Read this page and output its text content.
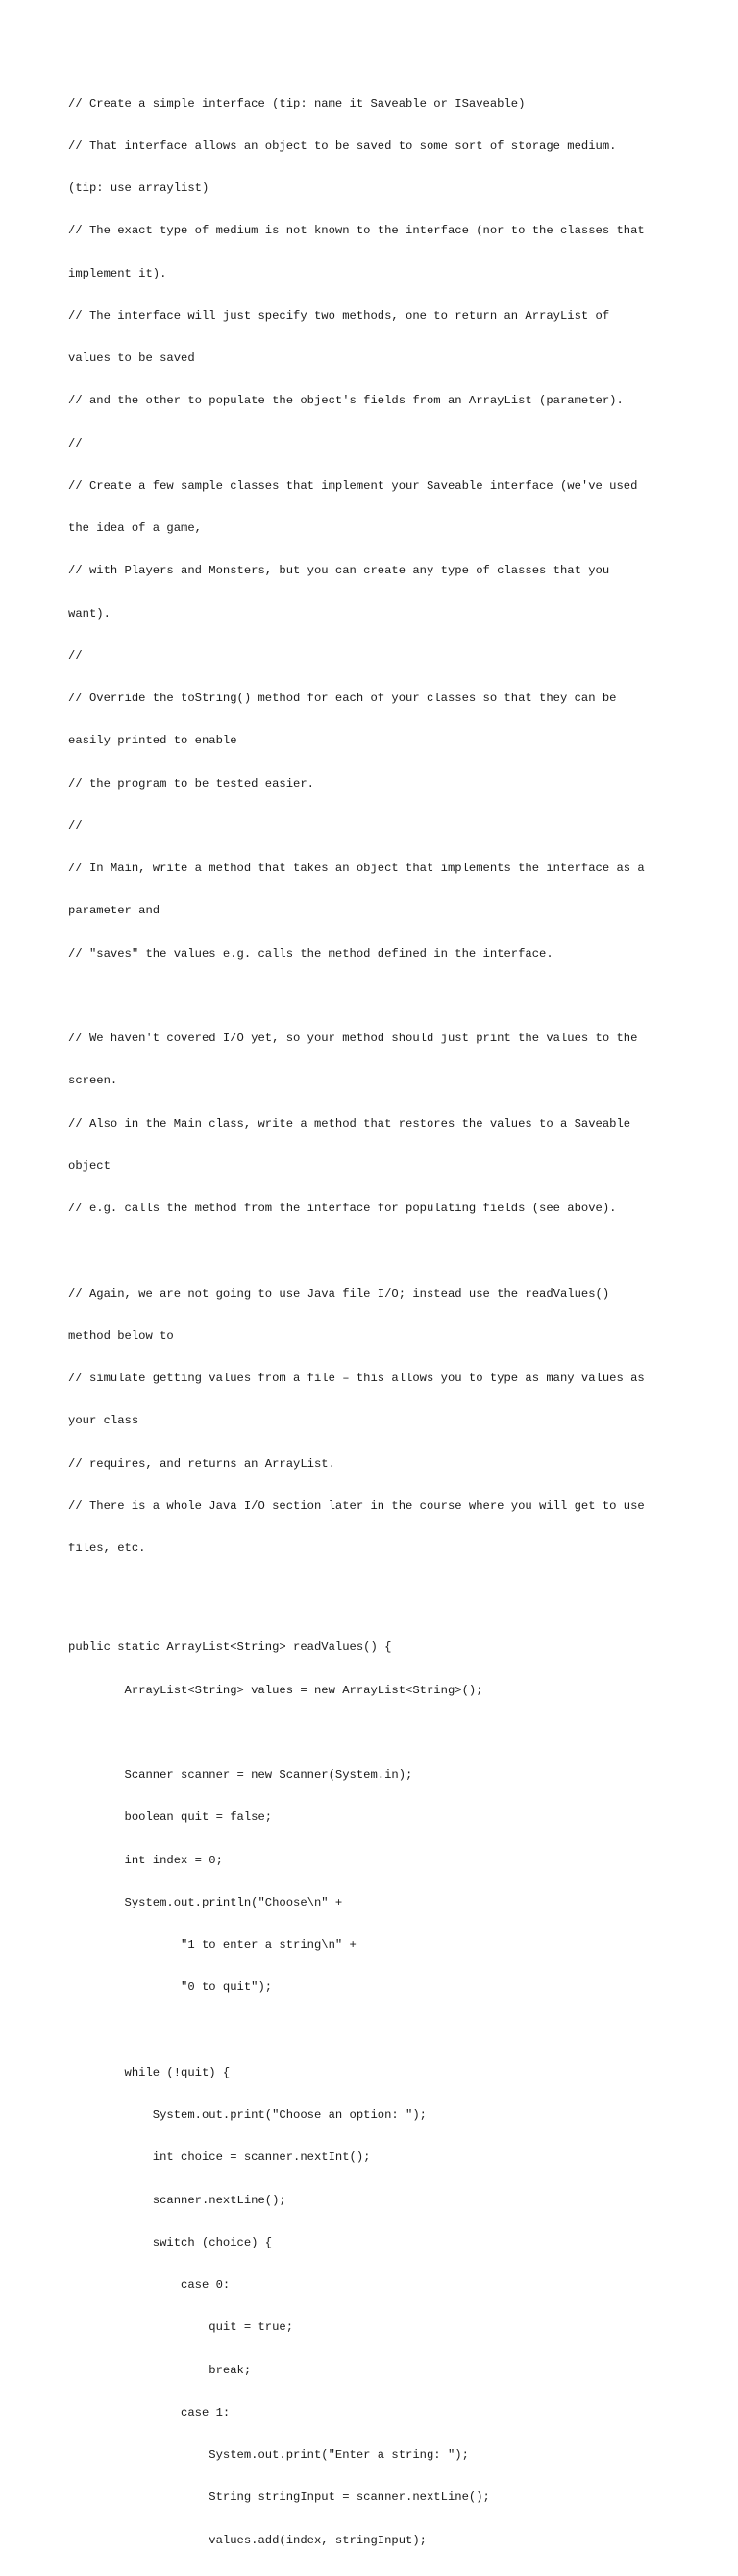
// Create a simple interface (tip: name it Saveable or ISaveable)

// That interface allows an object to be saved to some sort of storage medium.

(tip: use arraylist)

// The exact type of medium is not known to the interface (nor to the classes that

implement it).

// The interface will just specify two methods, one to return an ArrayList of

values to be saved

// and the other to populate the object's fields from an ArrayList (parameter).

//

// Create a few sample classes that implement your Saveable interface (we've used

the idea of a game,

// with Players and Monsters, but you can create any type of classes that you

want).

//

// Override the toString() method for each of your classes so that they can be

easily printed to enable

// the program to be tested easier.

//

// In Main, write a method that takes an object that implements the interface as a

parameter and

// "saves" the values e.g. calls the method defined in the interface.

// We haven't covered I/O yet, so your method should just print the values to the

screen.

// Also in the Main class, write a method that restores the values to a Saveable

object

// e.g. calls the method from the interface for populating fields (see above).

// Again, we are not going to use Java file I/O; instead use the readValues()

method below to

// simulate getting values from a file – this allows you to type as many values as

your class

// requires, and returns an ArrayList.

// There is a whole Java I/O section later in the course where you will get to use

files, etc.

public static ArrayList<String> readValues() {

ArrayList<String> values = new ArrayList<String>();

Scanner scanner = new Scanner(System.in);

boolean quit = false;

int index = 0;

System.out.println("Choose\n" +

"1 to enter a string\n" +

"0 to quit");

while (!quit) {

System.out.print("Choose an option: ");

int choice = scanner.nextInt();

scanner.nextLine();

switch (choice) {

case 0:

quit = true;

break;

case 1:

System.out.print("Enter a string: ");

String stringInput = scanner.nextLine();

values.add(index, stringInput);
